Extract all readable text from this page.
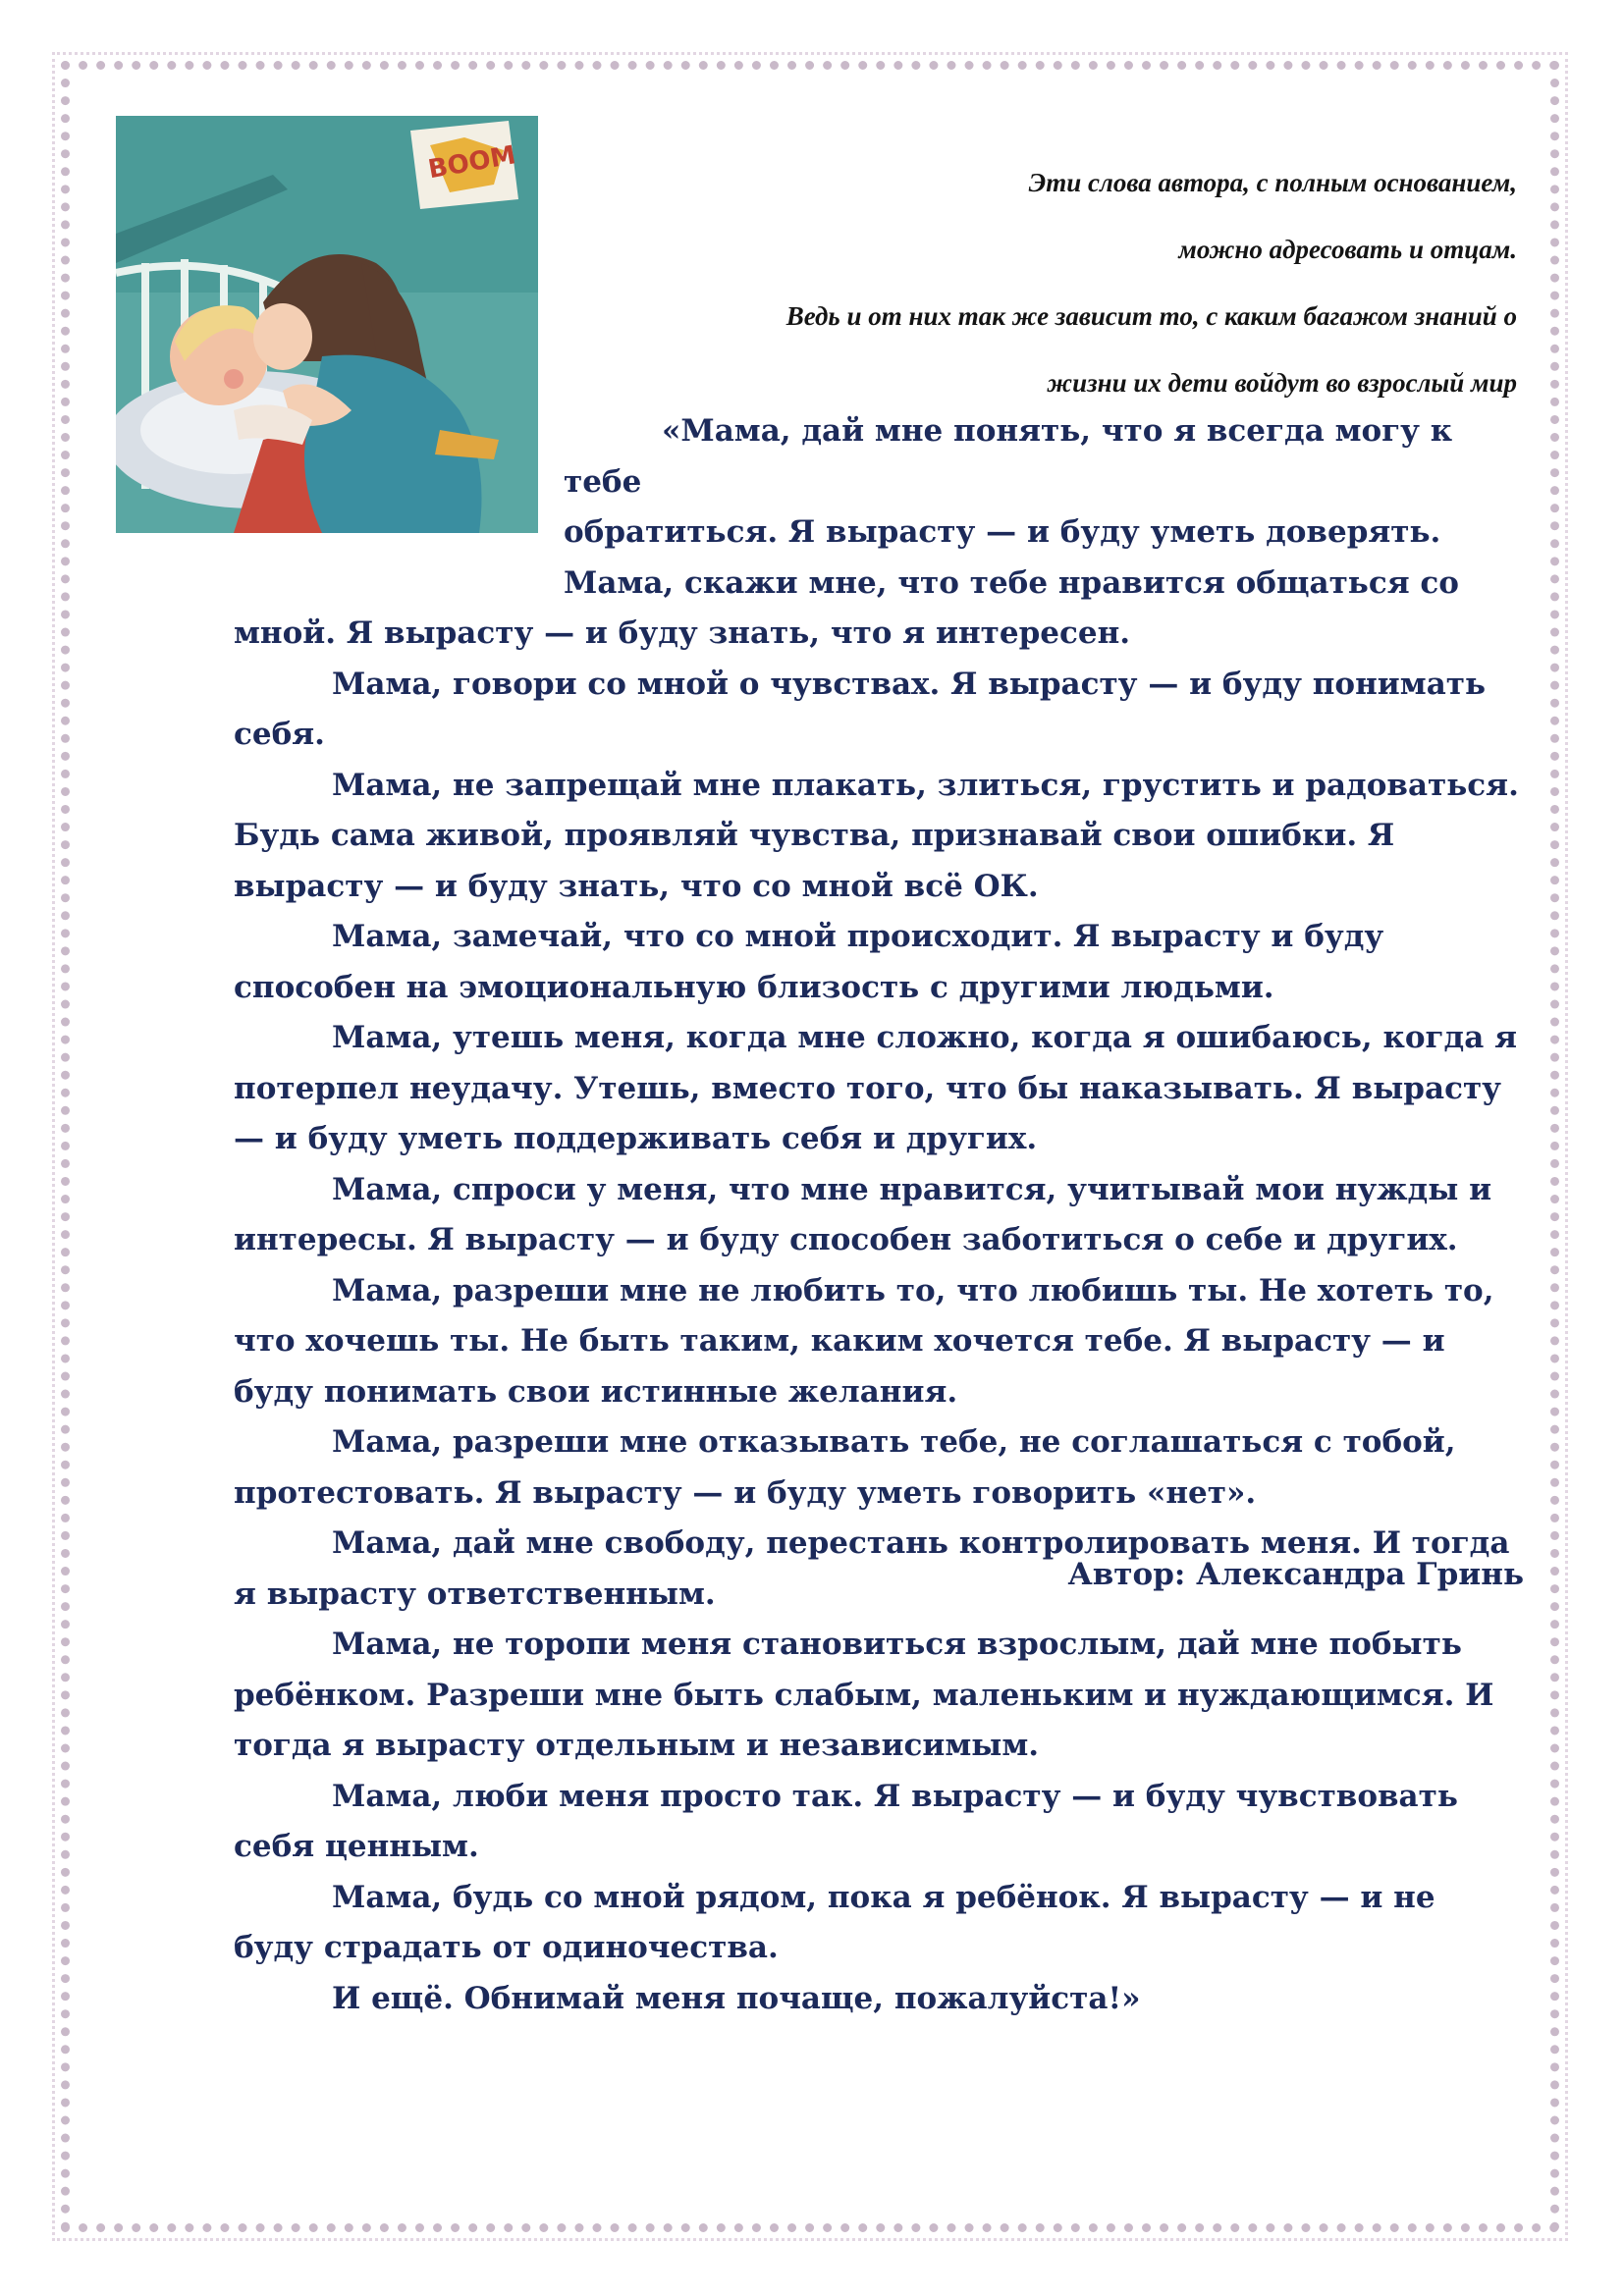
BOOM	Эти слова автора, с полным основанием,
можно адресовать и отцам.
Ведь и от них так же зависит то, с каким багажом знаний о
жизни их дети войдут во взрослый мир

«Мама, дай мне понять, что я всегда могу к тебе

обратиться. Я вырасту — и буду уметь доверять.

Мама, скажи мне, что тебе нравится общаться со

мной. Я вырасту — и буду знать, что я интересен.

Мама, говори со мной о чувствах. Я вырасту — и буду понимать себя.

Мама, не запрещай мне плакать, злиться, грустить и радоваться. Будь сама живой, проявляй чувства, признавай свои ошибки. Я вырасту — и буду знать, что со мной всё ОК.

Мама, замечай, что со мной происходит. Я вырасту и буду способен на эмоциональную близость с другими людьми.

Мама, утешь меня, когда мне сложно, когда я ошибаюсь, когда я потерпел неудачу. Утешь, вместо того, что бы наказывать. Я вырасту — и буду уметь поддерживать себя и других.

Мама, спроси у меня, что мне нравится, учитывай мои нужды и интересы. Я вырасту — и буду способен заботиться о себе и других.

Мама, разреши мне не любить то, что любишь ты. Не хотеть то, что хочешь ты. Не быть таким, каким хочется тебе. Я вырасту — и буду понимать свои истинные желания.

Мама, разреши мне отказывать тебе, не соглашаться с тобой, протестовать. Я вырасту — и буду уметь говорить «нет».

Мама, дай мне свободу, перестань контролировать меня. И тогда я вырасту ответственным.

Мама, не торопи меня становиться взрослым, дай мне побыть ребёнком. Разреши мне быть слабым, маленьким и нуждающимся. И тогда я вырасту отдельным и независимым.

Мама, люби меня просто так. Я вырасту — и буду чувствовать себя ценным.

Мама, будь со мной рядом, пока я ребёнок. Я вырасту — и не буду страдать от одиночества.

И ещё. Обнимай меня почаще, пожалуйста!»

Автор: Александра Гринь
